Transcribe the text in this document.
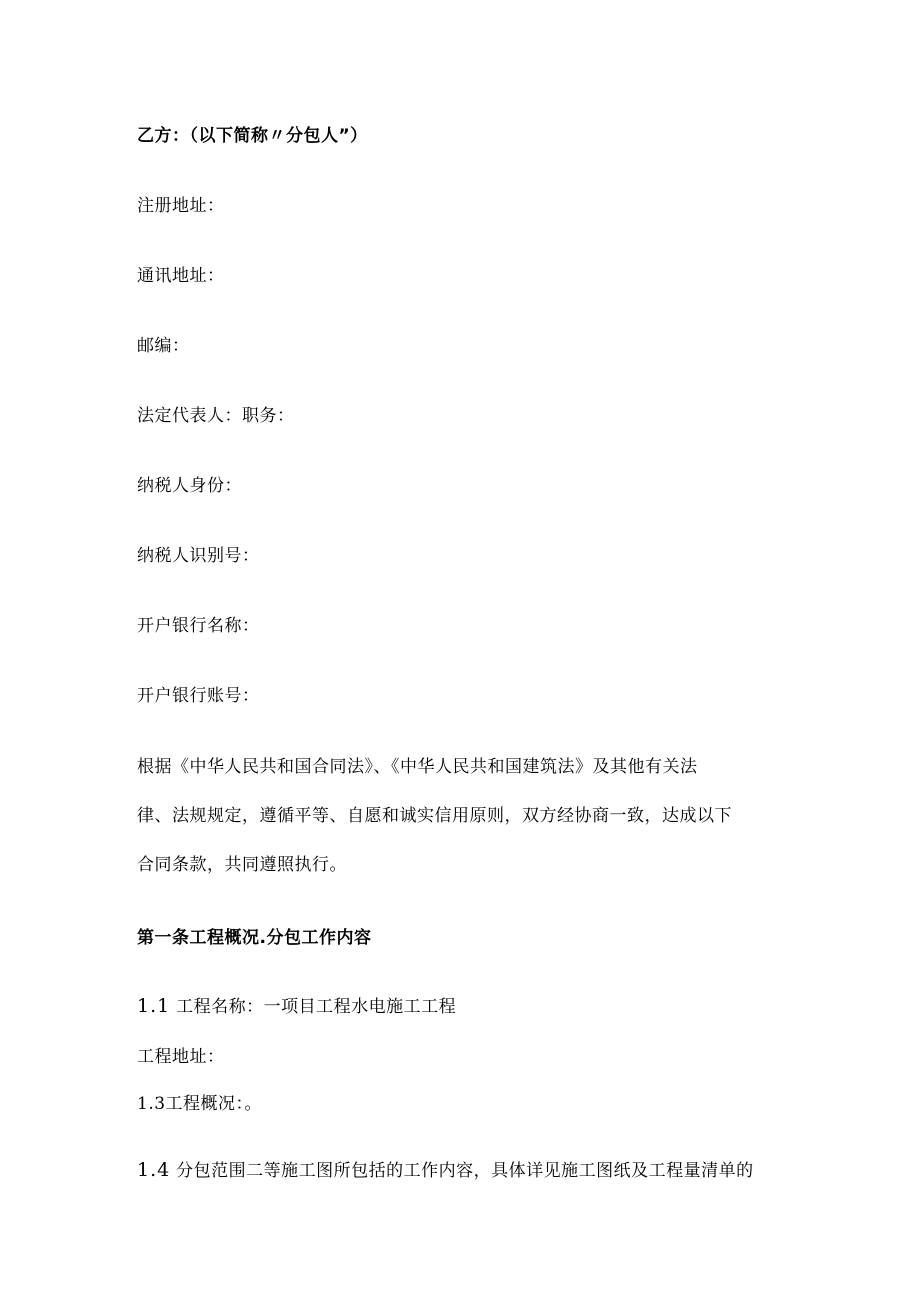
乙方：（以下简称〃分包人”）
注册地址：
通讯地址：
邮编：
法定代表人：职务：
纳税人身份：
纳税人识别号：
开户银行名称：
开户银行账号：
根据《中华人民共和国合同法》、《中华人民共和国建筑法》及其他有关法
律、法规规定，遵循平等、自愿和诚实信用原则，双方经协商一致，达成以下
合同条款，共同遵照执行。
第一条工程概况.分包工作内容
1.1 工程名称：一项目工程水电施工工程
工程地址：
1.3工程概况：。
1.4 分包范围二等施工图所包括的工作内容，具体详见施工图纸及工程量清单的
